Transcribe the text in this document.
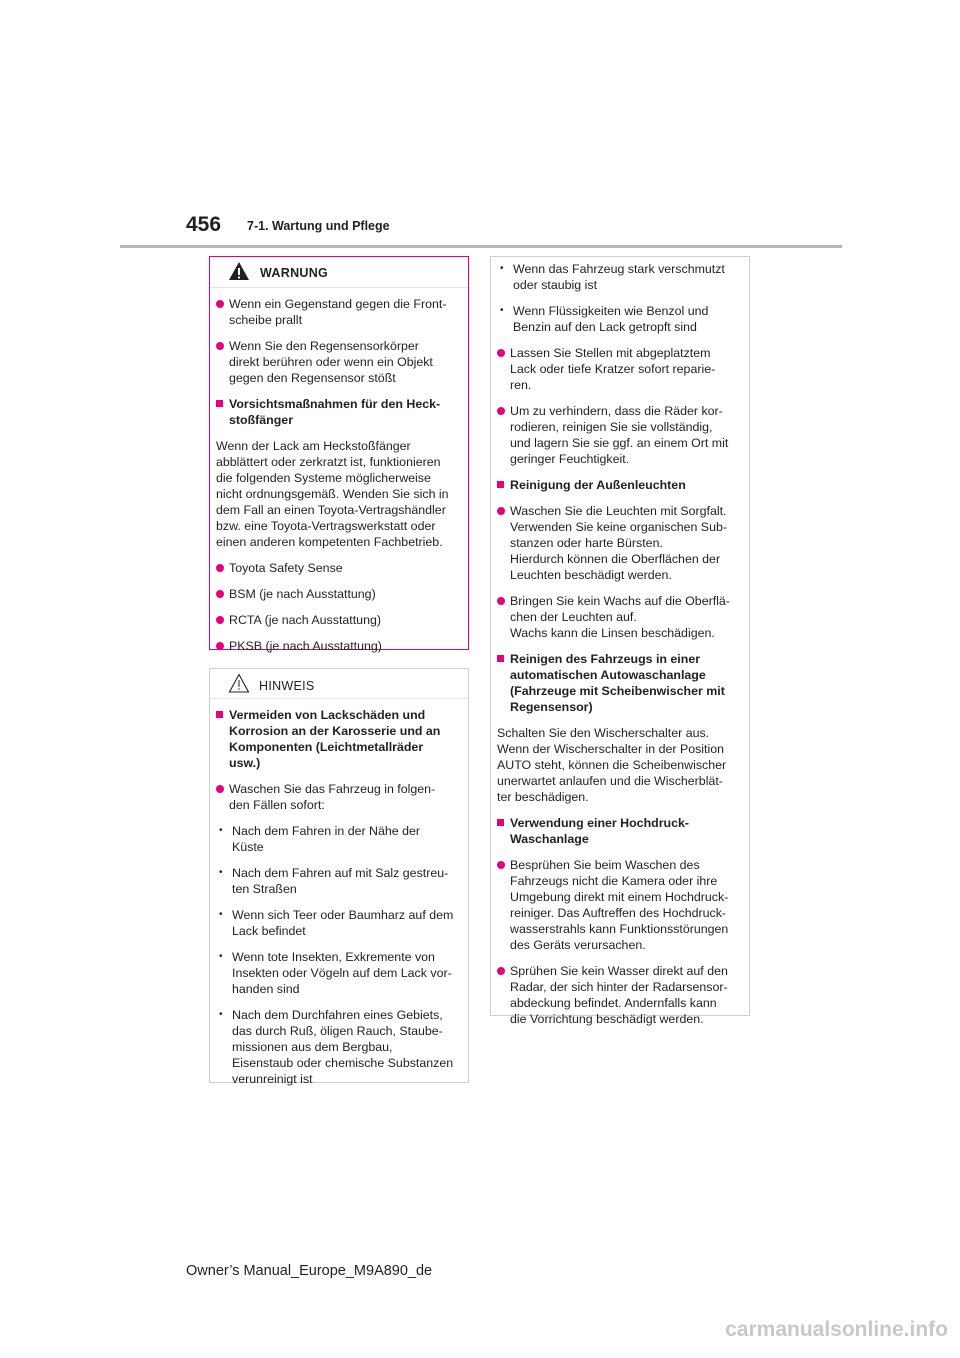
456 7-1. Wartung und Pflege
WARNUNG
Wenn ein Gegenstand gegen die Front-
scheibe prallt
Wenn Sie den Regensensorkörper
direkt berühren oder wenn ein Objekt
gegen den Regensensor stößt
Vorsichtsmaßnahmen für den Heck-
stoßfänger
Wenn der Lack am Heckstoßfänger
abblättert oder zerkratzt ist, funktionieren
die folgenden Systeme möglicherweise
nicht ordnungsgemäß. Wenden Sie sich in
dem Fall an einen Toyota-Vertragshändler
bzw. eine Toyota-Vertragswerkstatt oder
einen anderen kompetenten Fachbetrieb.
Toyota Safety Sense
BSM (je nach Ausstattung)
RCTA (je nach Ausstattung)
PKSB (je nach Ausstattung)
HINWEIS
Vermeiden von Lackschäden und
Korrosion an der Karosserie und an
Komponenten (Leichtmetallräder
usw.)
Waschen Sie das Fahrzeug in folgen-
den Fällen sofort:
• Nach dem Fahren in der Nähe der
Küste
• Nach dem Fahren auf mit Salz gestreu-
ten Straßen
• Wenn sich Teer oder Baumharz auf dem
Lack befindet
• Wenn tote Insekten, Exkremente von
Insekten oder Vögeln auf dem Lack vor-
handen sind
• Nach dem Durchfahren eines Gebiets,
das durch Ruß, öligen Rauch, Staube-
missionen aus dem Bergbau,
Eisenstaub oder chemische Substanzen
verunreinigt ist
• Wenn das Fahrzeug stark verschmutzt
oder staubig ist
• Wenn Flüssigkeiten wie Benzol und
Benzin auf den Lack getropft sind
Lassen Sie Stellen mit abgeplatztem
Lack oder tiefe Kratzer sofort reparie-
ren.
Um zu verhindern, dass die Räder kor-
rodieren, reinigen Sie sie vollständig,
und lagern Sie sie ggf. an einem Ort mit
geringer Feuchtigkeit.
Reinigung der Außenleuchten
Waschen Sie die Leuchten mit Sorgfalt.
Verwenden Sie keine organischen Sub-
stanzen oder harte Bürsten.
Hierdurch können die Oberflächen der
Leuchten beschädigt werden.
Bringen Sie kein Wachs auf die Oberflä-
chen der Leuchten auf.
Wachs kann die Linsen beschädigen.
Reinigen des Fahrzeugs in einer
automatischen Autowaschanlage
(Fahrzeuge mit Scheibenwischer mit
Regensensor)
Schalten Sie den Wischerschalter aus.
Wenn der Wischerschalter in der Position
AUTO steht, können die Scheibenwischer
unerwartet anlaufen und die Wischerblät-
ter beschädigen.
Verwendung einer Hochdruck-
Waschanlage
Besprühen Sie beim Waschen des
Fahrzeugs nicht die Kamera oder ihre
Umgebung direkt mit einem Hochdruck-
reiniger. Das Auftreffen des Hochdruck-
wasserstrahls kann Funktionsstörungen
des Geräts verursachen.
Sprühen Sie kein Wasser direkt auf den
Radar, der sich hinter der Radarsensor-
abdeckung befindet. Andernfalls kann
die Vorrichtung beschädigt werden.
Owner’s Manual_Europe_M9A890_de
carmanualsonline.info
